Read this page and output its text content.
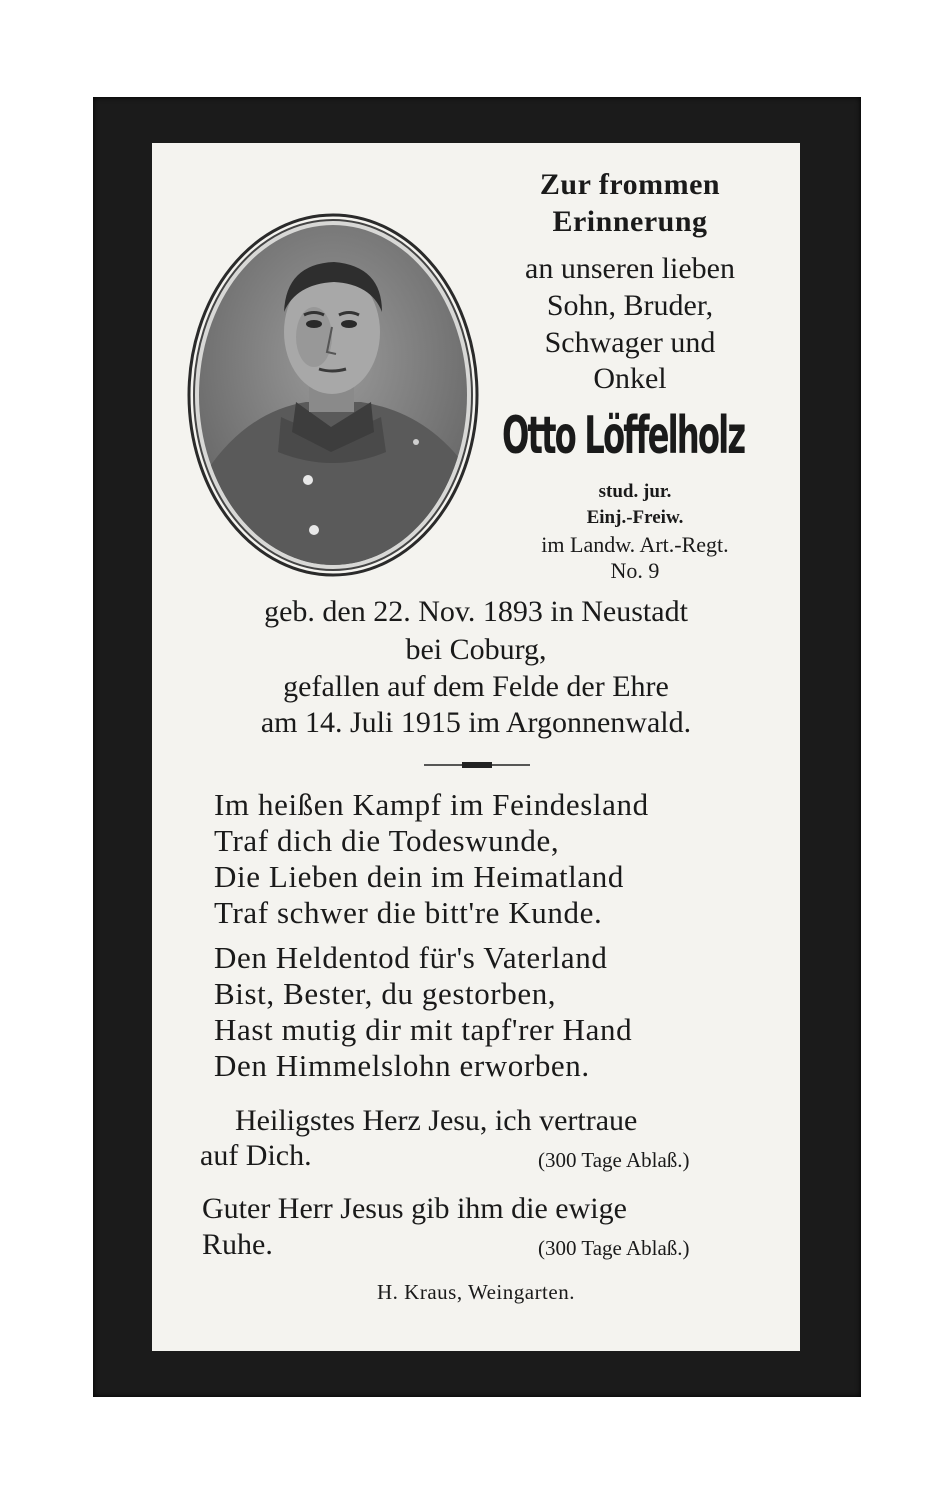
Zur frommen
Erinnerung
an unseren lieben
Sohn, Bruder,
Schwager und
Onkel
Otto Löffelholz
stud. jur.
Einj.-Freiw.
im Landw. Art.-Regt.
No. 9
geb. den 22. Nov. 1893 in Neustadt
bei Coburg,
gefallen auf dem Felde der Ehre
am 14. Juli 1915 im Argonnenwald.
Im heißen Kampf im Feindesland
Traf dich die Todeswunde,
Die Lieben dein im Heimatland
Traf schwer die bitt're Kunde.
Den Heldentod für's Vaterland
Bist, Bester, du gestorben,
Hast mutig dir mit tapf'rer Hand
Den Himmelslohn erworben.
Heiligstes Herz Jesu, ich vertraue
auf Dich.	(300 Tage Ablaß.)
Guter Herr Jesus gib ihm die ewige
Ruhe.	(300 Tage Ablaß.)
H. Kraus, Weingarten.
